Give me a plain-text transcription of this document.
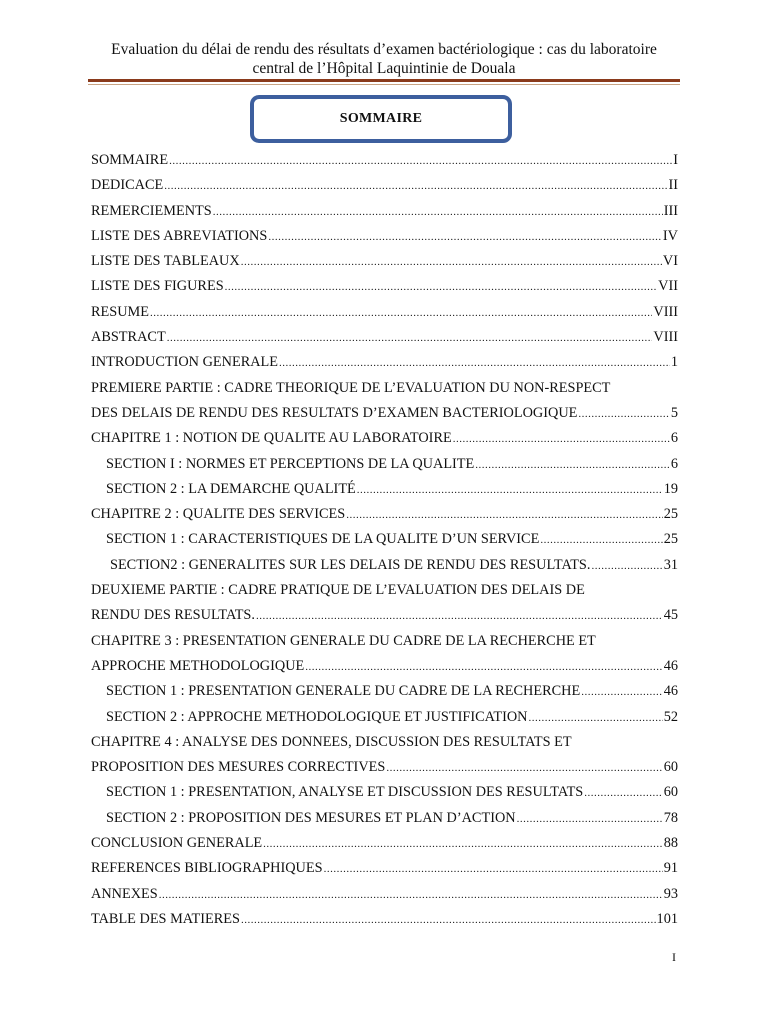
Evaluation du délai de rendu des résultats d’examen bactériologique : cas du laboratoire
central de l’Hôpital Laquintinie de Douala
SOMMAIRE
SOMMAIRE .....	I
DEDICACE .....	II
REMERCIEMENTS .....	III
LISTE DES ABREVIATIONS .....	IV
LISTE DES TABLEAUX .....	VI
LISTE DES FIGURES .....	VII
RESUME .....	VIII
ABSTRACT .....	VIII
INTRODUCTION GENERALE .....	1
PREMIERE PARTIE : CADRE THEORIQUE DE L’EVALUATION DU NON-RESPECT
DES DELAIS DE RENDU DES RESULTATS D’EXAMEN BACTERIOLOGIQUE .....	5
CHAPITRE 1 : NOTION DE QUALITE AU LABORATOIRE .....	6
SECTION I : NORMES ET PERCEPTIONS DE LA QUALITE .....	6
SECTION 2 : LA DEMARCHE QUALITÉ .....	19
CHAPITRE 2 : QUALITE DES SERVICES .....	25
SECTION 1 : CARACTERISTIQUES DE LA QUALITE D’UN SERVICE .....	25
SECTION2 : GENERALITES SUR LES DELAIS DE RENDU DES RESULTATS. .....	31
DEUXIEME PARTIE : CADRE PRATIQUE DE L’EVALUATION DES DELAIS DE
RENDU DES RESULTATS. .....	45
CHAPITRE 3 : PRESENTATION GENERALE DU CADRE DE LA RECHERCHE ET
APPROCHE METHODOLOGIQUE .....	46
SECTION 1 : PRESENTATION GENERALE DU CADRE DE LA RECHERCHE .....	46
SECTION 2 : APPROCHE METHODOLOGIQUE ET JUSTIFICATION .....	52
CHAPITRE 4 : ANALYSE DES DONNEES, DISCUSSION DES RESULTATS ET
PROPOSITION DES MESURES CORRECTIVES .....	60
SECTION 1 : PRESENTATION, ANALYSE ET DISCUSSION DES RESULTATS .....	60
SECTION 2 : PROPOSITION DES MESURES ET PLAN D’ACTION .....	78
CONCLUSION GENERALE .....	88
REFERENCES BIBLIOGRAPHIQUES .....	91
ANNEXES .....	93
TABLE DES MATIERES .....	101
I
